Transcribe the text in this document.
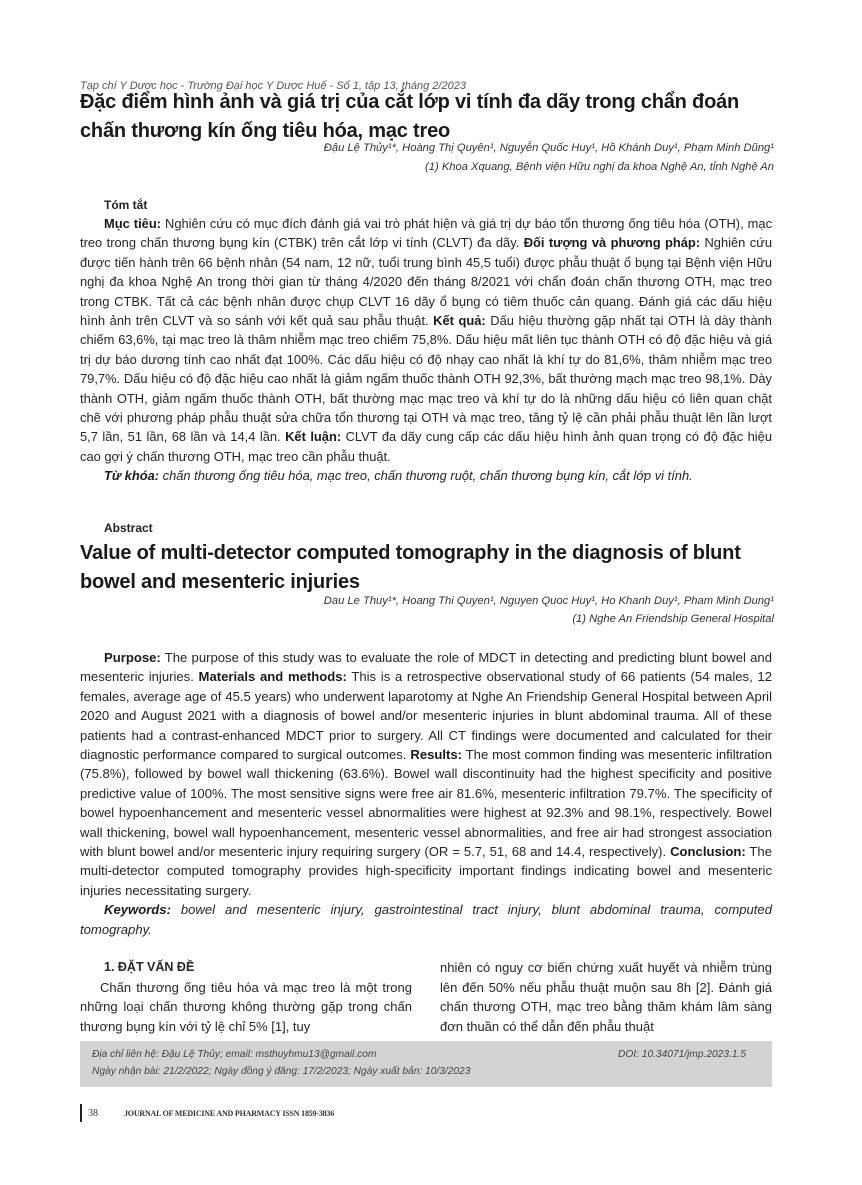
Tạp chí Y Dược học - Trường Đại học Y Dược Huế - Số 1, tập 13, tháng 2/2023
Đặc điểm hình ảnh và giá trị của cắt lớp vi tính đa dãy trong chẩn đoán chấn thương kín ống tiêu hóa, mạc treo
Đậu Lệ Thủy¹*, Hoàng Thị Quyên¹, Nguyễn Quốc Huy¹, Hồ Khánh Duy¹, Phạm Minh Dũng¹
(1) Khoa Xquang, Bệnh viện Hữu nghị đa khoa Nghệ An, tỉnh Nghệ An
Tóm tắt

Mục tiêu: Nghiên cứu có mục đích đánh giá vai trò phát hiện và giá trị dự báo tổn thương ống tiêu hóa (OTH), mạc treo trong chấn thương bụng kín (CTBK) trên cắt lớp vi tính (CLVT) đa dãy. Đối tượng và phương pháp: Nghiên cứu được tiến hành trên 66 bệnh nhân (54 nam, 12 nữ, tuổi trung bình 45,5 tuổi) được phẫu thuật ổ bụng tại Bệnh viện Hữu nghị đa khoa Nghệ An trong thời gian từ tháng 4/2020 đến tháng 8/2021 với chẩn đoán chấn thương OTH, mạc treo trong CTBK. Tất cả các bệnh nhân được chụp CLVT 16 dãy ổ bụng có tiêm thuốc cản quang. Đánh giá các dấu hiệu hình ảnh trên CLVT và so sánh với kết quả sau phẫu thuật. Kết quả: Dấu hiệu thường gặp nhất tại OTH là dày thành chiếm 63,6%, tại mạc treo là thâm nhiễm mạc treo chiếm 75,8%. Dấu hiệu mất liên tục thành OTH có độ đặc hiệu và giá trị dự báo dương tính cao nhất đạt 100%. Các dấu hiệu có độ nhạy cao nhất là khí tự do 81,6%, thâm nhiễm mạc treo 79,7%. Dấu hiệu có độ đặc hiệu cao nhất là giảm ngấm thuốc thành OTH 92,3%, bất thường mạch mạc treo 98,1%. Dày thành OTH, giảm ngấm thuốc thành OTH, bất thường mạc mạc treo và khí tự do là những dấu hiệu có liên quan chặt chẽ với phương pháp phẫu thuật sửa chữa tổn thương tại OTH và mạc treo, tăng tỷ lệ cần phải phẫu thuật lên lần lượt 5,7 lần, 51 lần, 68 lần và 14,4 lần. Kết luận: CLVT đa dãy cung cấp các dấu hiệu hình ảnh quan trọng có độ đặc hiệu cao gợi ý chấn thương OTH, mạc treo cần phẫu thuật.

Từ khóa: chấn thương ống tiêu hóa, mạc treo, chấn thương ruột, chấn thương bụng kín, cắt lớp vi tính.

Abstract
Value of multi-detector computed tomography in the diagnosis of blunt bowel and mesenteric injuries
Dau Le Thuy¹*, Hoang Thi Quyen¹, Nguyen Quoc Huy¹, Ho Khanh Duy¹, Pham Minh Dung¹
(1) Nghe An Friendship General Hospital

Purpose: The purpose of this study was to evaluate the role of MDCT in detecting and predicting blunt bowel and mesenteric injuries. Materials and methods: This is a retrospective observational study of 66 patients (54 males, 12 females, average age of 45.5 years) who underwent laparotomy at Nghe An Friendship General Hospital between April 2020 and August 2021 with a diagnosis of bowel and/or mesenteric injuries in blunt abdominal trauma. All of these patients had a contrast-enhanced MDCT prior to surgery. All CT findings were documented and calculated for their diagnostic performance compared to surgical outcomes. Results: The most common finding was mesenteric infiltration (75.8%), followed by bowel wall thickening (63.6%). Bowel wall discontinuity had the highest specificity and positive predictive value of 100%. The most sensitive signs were free air 81.6%, mesenteric infiltration 79.7%. The specificity of bowel hypoenhancement and mesenteric vessel abnormalities were highest at 92.3% and 98.1%, respectively. Bowel wall thickening, bowel wall hypoenhancement, mesenteric vessel abnormalities, and free air had strongest association with blunt bowel and/or mesenteric injury requiring surgery (OR = 5.7, 51, 68 and 14.4, respectively). Conclusion: The multi-detector computed tomography provides high-specificity important findings indicating bowel and mesenteric injuries necessitating surgery.

Keywords: bowel and mesenteric injury, gastrointestinal tract injury, blunt abdominal trauma, computed tomography.

1. ĐẶT VẤN ĐỀ

Chấn thương ống tiêu hóa và mạc treo là một trong những loại chấn thương không thường gặp trong chấn thương bụng kín với tỷ lệ chỉ 5% [1], tuy

nhiên có nguy cơ biến chứng xuất huyết và nhiễm trùng lên đến 50% nếu phẫu thuật muộn sau 8h [2]. Đánh giá chấn thương OTH, mạc treo bằng thăm khám lâm sàng đơn thuần có thể dẫn đến phẫu thuật

Địa chỉ liên hệ: Đậu Lệ Thủy; email: msthuyhmu13@gmail.com
Ngày nhận bài: 21/2/2022; Ngày đồng ý đăng: 17/2/2023; Ngày xuất bản: 10/3/2023
DOI: 10.34071/jmp.2023.1.5
38	JOURNAL OF MEDICINE AND PHARMACY ISSN 1859-3836
